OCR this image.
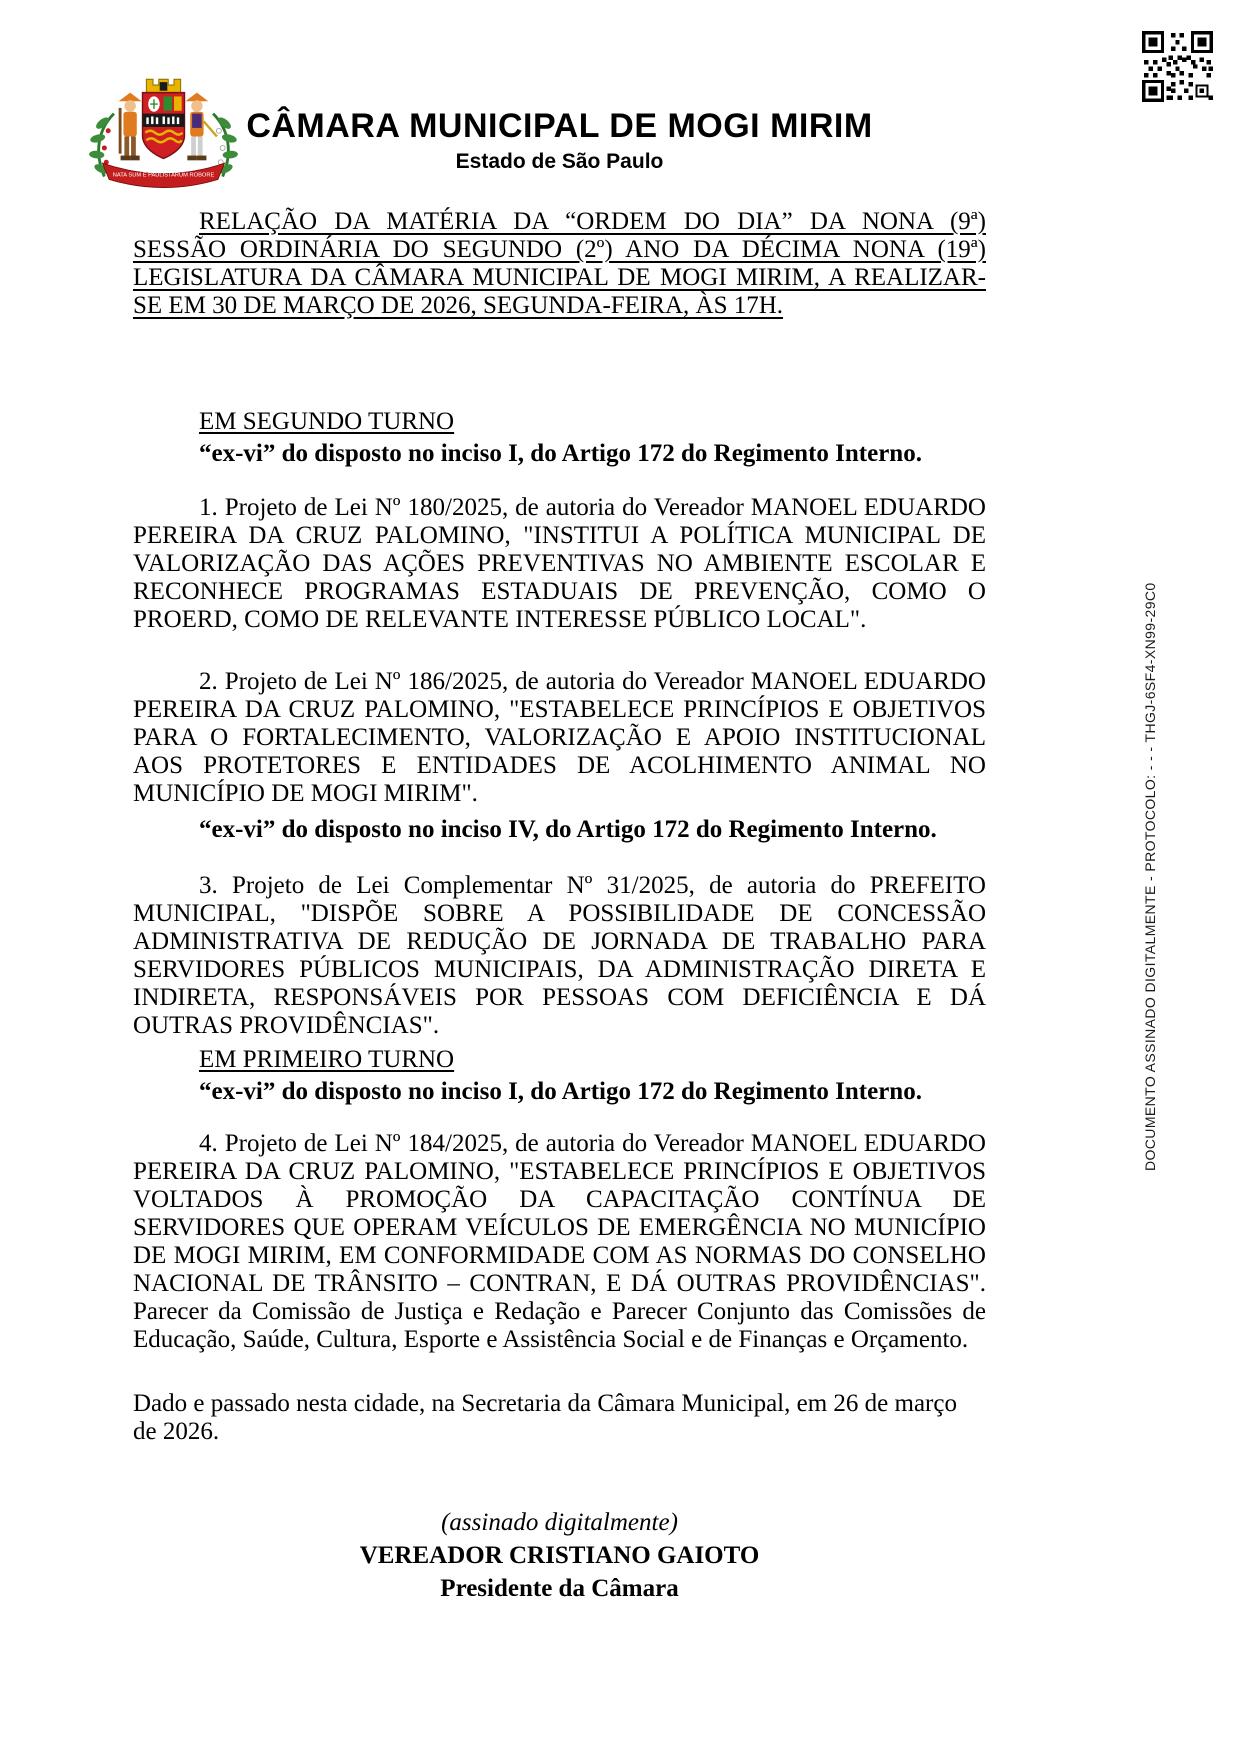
NATA SUM E PAULISTARUM ROBORE
CÂMARA MUNICIPAL DE MOGI MIRIM
Estado de São Paulo
DOCUMENTO ASSINADO DIGITALMENTE - PROTOCOLO: - - - THGJ-6SF4-XN99-29C0

RELAÇÃO DA MATÉRIA DA “ORDEM DO DIA” DA NONA (9ª) SESSÃO ORDINÁRIA DO SEGUNDO (2º) ANO DA DÉCIMA NONA (19ª) LEGISLATURA DA CÂMARA MUNICIPAL DE MOGI MIRIM, A REALIZAR-SE EM 30 DE MARÇO DE 2026, SEGUNDA-FEIRA, ÀS 17H.

EM SEGUNDO TURNO
“ex-vi” do disposto no inciso I, do Artigo 172 do Regimento Interno.

1. Projeto de Lei Nº 180/2025, de autoria do Vereador MANOEL EDUARDO PEREIRA DA CRUZ PALOMINO, "INSTITUI A POLÍTICA MUNICIPAL DE VALORIZAÇÃO DAS AÇÕES PREVENTIVAS NO AMBIENTE ESCOLAR E RECONHECE PROGRAMAS ESTADUAIS DE PREVENÇÃO, COMO O PROERD, COMO DE RELEVANTE INTERESSE PÚBLICO LOCAL".

2. Projeto de Lei Nº 186/2025, de autoria do Vereador MANOEL EDUARDO PEREIRA DA CRUZ PALOMINO, "ESTABELECE PRINCÍPIOS E OBJETIVOS PARA O FORTALECIMENTO, VALORIZAÇÃO E APOIO INSTITUCIONAL AOS PROTETORES E ENTIDADES DE ACOLHIMENTO ANIMAL NO MUNICÍPIO DE MOGI MIRIM".

“ex-vi” do disposto no inciso IV, do Artigo 172 do Regimento Interno.

3. Projeto de Lei Complementar Nº 31/2025, de autoria do PREFEITO MUNICIPAL, "DISPÕE SOBRE A POSSIBILIDADE DE CONCESSÃO ADMINISTRATIVA DE REDUÇÃO DE JORNADA DE TRABALHO PARA SERVIDORES PÚBLICOS MUNICIPAIS, DA ADMINISTRAÇÃO DIRETA E INDIRETA, RESPONSÁVEIS POR PESSOAS COM DEFICIÊNCIA E DÁ OUTRAS PROVIDÊNCIAS".

EM PRIMEIRO TURNO
“ex-vi” do disposto no inciso I, do Artigo 172 do Regimento Interno.

4. Projeto de Lei Nº 184/2025, de autoria do Vereador MANOEL EDUARDO PEREIRA DA CRUZ PALOMINO, "ESTABELECE PRINCÍPIOS E OBJETIVOS VOLTADOS À PROMOÇÃO DA CAPACITAÇÃO CONTÍNUA DE SERVIDORES QUE OPERAM VEÍCULOS DE EMERGÊNCIA NO MUNICÍPIO DE MOGI MIRIM, EM CONFORMIDADE COM AS NORMAS DO CONSELHO NACIONAL DE TRÂNSITO – CONTRAN, E DÁ OUTRAS PROVIDÊNCIAS". Parecer da Comissão de Justiça e Redação e Parecer Conjunto das Comissões de Educação, Saúde, Cultura, Esporte e Assistência Social e de Finanças e Orçamento.

Dado e passado nesta cidade, na Secretaria da Câmara Municipal, em 26 de março de 2026.

(assinado digitalmente)
VEREADOR CRISTIANO GAIOTO
Presidente da Câmara
